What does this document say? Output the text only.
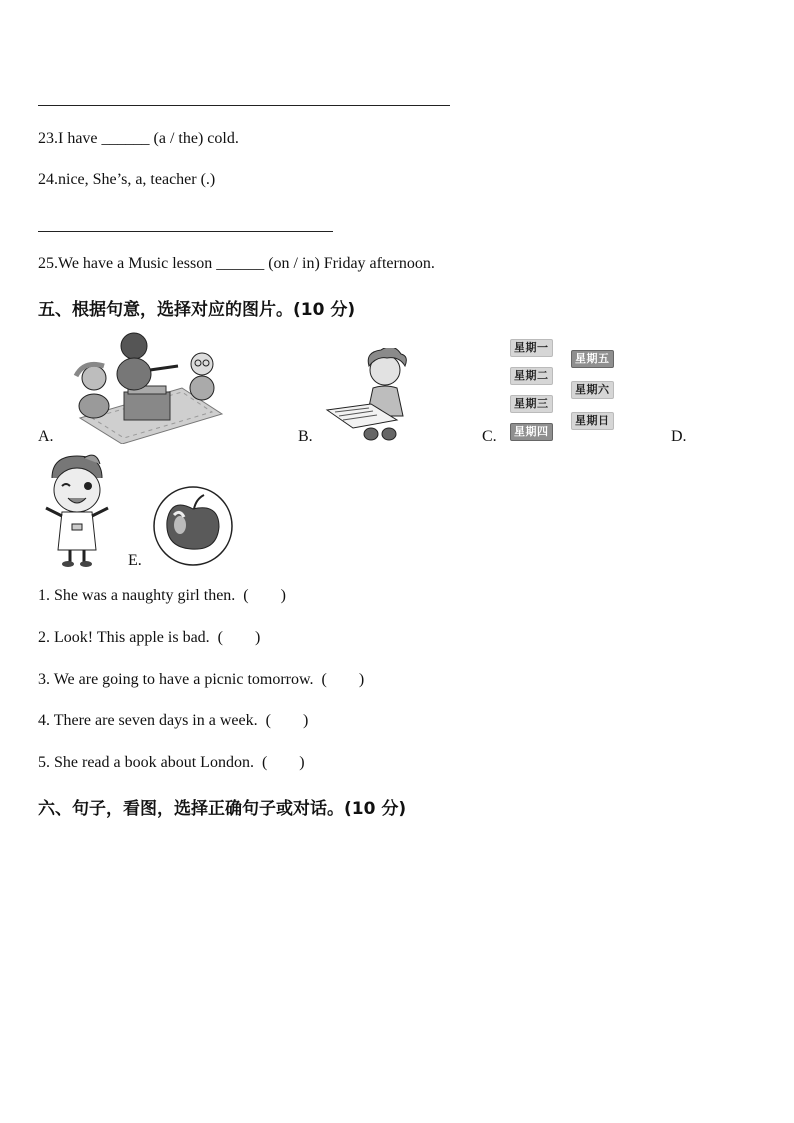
23.I have ______ (a / the) cold.
24.nice, She’s, a, teacher (.)
25.We have a Music lesson ______ (on / in) Friday afternoon.
五、根据句意，选择对应的图片。(10 分)
A.	B.
星期一
星期二
星期三
星期四
星期五
星期六
星期日
C.	D.
E.
1. She was a naughty girl then.  (        )
2. Look! This apple is bad.  (        )
3. We are going to have a picnic tomorrow.  (        )
4. There are seven days in a week.  (        )
5. She read a book about London.  (        )
六、句子，看图，选择正确句子或对话。(10 分)
